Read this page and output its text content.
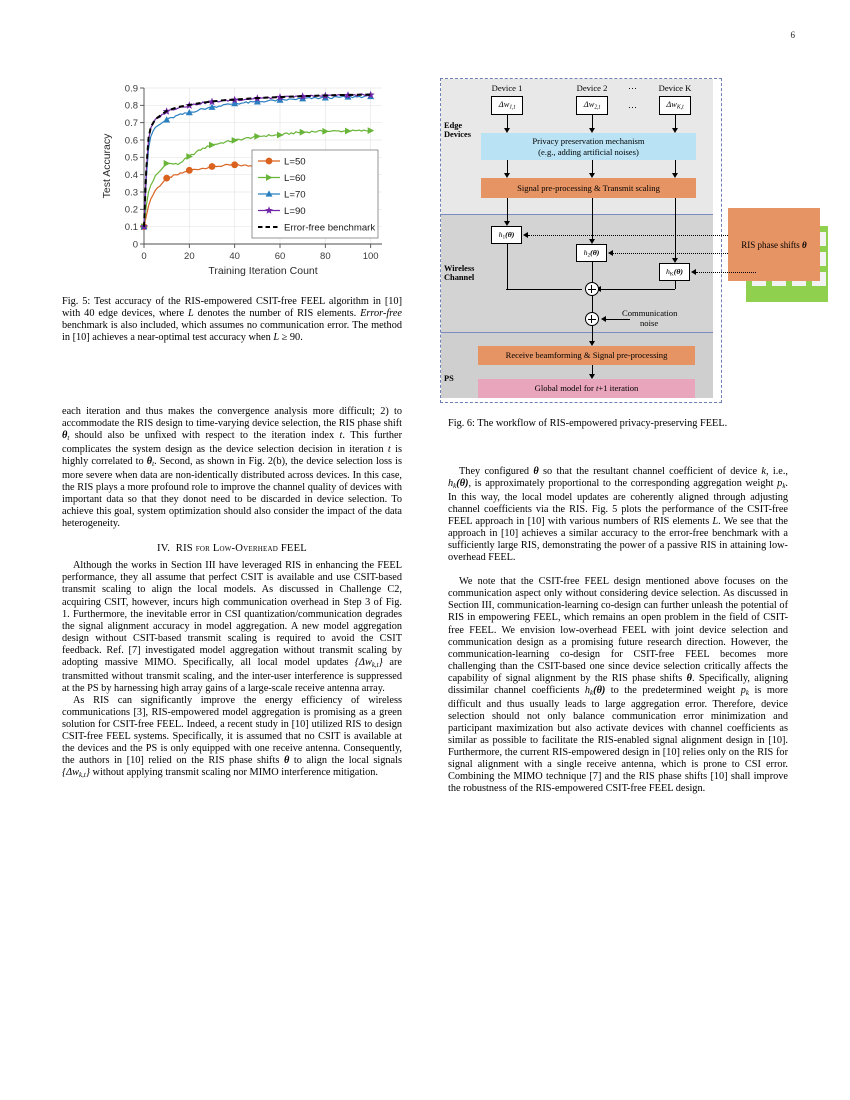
6
0	20	40	60	80	100
0
0.1
0.2
0.3
0.4
0.5
0.6
0.7
0.8
0.9
Training Iteration Count
Test Accuracy	L=50
L=60
L=70
L=90
Error-free benchmark

Fig. 5: Test accuracy of the RIS-empowered CSIT-free FEEL algorithm in [10] with 40 edge devices, where L denotes the number of RIS elements. Error-free benchmark is also included, which assumes no communication error. The method in [10] achieves a near-optimal test accuracy when L ≥ 90.

Edge
Devices
Wireless
Channel
PS
Device 1	Device 2	Device K
⋯
⋯
$\Delta w_{1,t}$	$\Delta w_{2,t}$	$\Delta w_{K,t}$
Privacy preservation mechanism
(e.g., adding artificial noises)
Signal pre-processing & Transmit scaling
h1(θ)
h2(θ)
hK(θ)
Communication
noise
Receive beamforming & Signal pre-processing
Global model for t+1 iteration
RIS phase shifts θ

Fig. 6: The workflow of RIS-empowered privacy-preserving FEEL.

each iteration and thus makes the convergence analysis more difficult; 2) to accommodate the RIS design to time-varying device selection, the RIS phase shift $\theta_t$ should also be unfixed with respect to the iteration index t. This further complicates the system design as the device selection decision in iteration t is highly correlated to $\theta_t$. Second, as shown in Fig. 2(b), the device selection loss is more severe when data are non-identically distributed across devices. In this case, the RIS plays a more profound role to improve the channel quality of devices with important data so that they donot need to be discarded in device selection. To achieve this goal, system optimization should also consider the impact of the data heterogeneity.

IV. RIS for Low-Overhead FEEL

Although the works in Section III have leveraged RIS in enhancing the FEEL performance, they all assume that perfect CSIT is available and use CSIT-based transmit scaling to align the local models. As discussed in Challenge C2, acquiring CSIT, however, incurs high communication overhead in Step 3 of Fig. 1. Furthermore, the inevitable error in CSI quantization/communication degrades the signal alignment accuracy in model aggregation. A new model aggregation design without CSIT-based transmit scaling is required to avoid the CSIT feedback. Ref. [7] investigated model aggregation without transmit scaling by adopting massive MIMO. Specifically, all local model updates $\{\Delta w_{k,t}\}$ are transmitted without transmit scaling, and the inter-user interference is suppressed at the PS by harnessing high array gains of a large-scale receive antenna array.

As RIS can significantly improve the energy efficiency of wireless communications [3], RIS-empowered model aggregation is promising as a green solution for CSIT-free FEEL. Indeed, a recent study in [10] utilized RIS to design CSIT-free FEEL systems. Specifically, it is assumed that no CSIT is available at the devices and the PS is only equipped with one receive antenna. Consequently, the authors in [10] relied on the RIS phase shifts θ to align the local signals $\{\Delta w_{k,t}\}$ without applying transmit scaling nor MIMO interference mitigation.

They configured θ so that the resultant channel coefficient of device k, i.e., $h_k(\theta)$, is approximately proportional to the corresponding aggregation weight $p_k$. In this way, the local model updates are coherently aligned through adjusting channel coefficients via the RIS. Fig. 5 plots the performance of the CSIT-free FEEL approach in [10] with various numbers of RIS elements L. We see that the approach in [10] achieves a similar accuracy to the error-free benchmark with a sufficiently large RIS, demonstrating the power of a passive RIS in attaining low-overhead FEEL.

We note that the CSIT-free FEEL design mentioned above focuses on the communication aspect only without considering device selection. As discussed in Section III, communication-learning co-design can further unleash the potential of RIS in empowering FEEL, which remains an open problem in the field of CSIT-free FEEL. We envision low-overhead FEEL with joint device selection and communication design as a promising future research direction. However, the communication-learning co-design for CSIT-free FEEL becomes more challenging than the CSIT-based one since device selection critically affects the capability of signal alignment by the RIS phase shifts θ. Specifically, aligning dissimilar channel coefficients $h_k(\theta)$ to the predetermined weight $p_k$ is more difficult and thus usually leads to large aggregation error. Therefore, device selection should not only balance communication error minimization and participant maximization but also activate devices with channel coefficients as similar as possible to facilitate the RIS-enabled signal alignment design in [10]. Furthermore, the current RIS-empowered design in [10] relies only on the RIS for signal alignment with a single receive antenna, which is prone to CSI error. Combining the MIMO technique [7] and the RIS phase shifts [10] shall improve the robustness of the RIS-empowered CSIT-free FEEL design.
